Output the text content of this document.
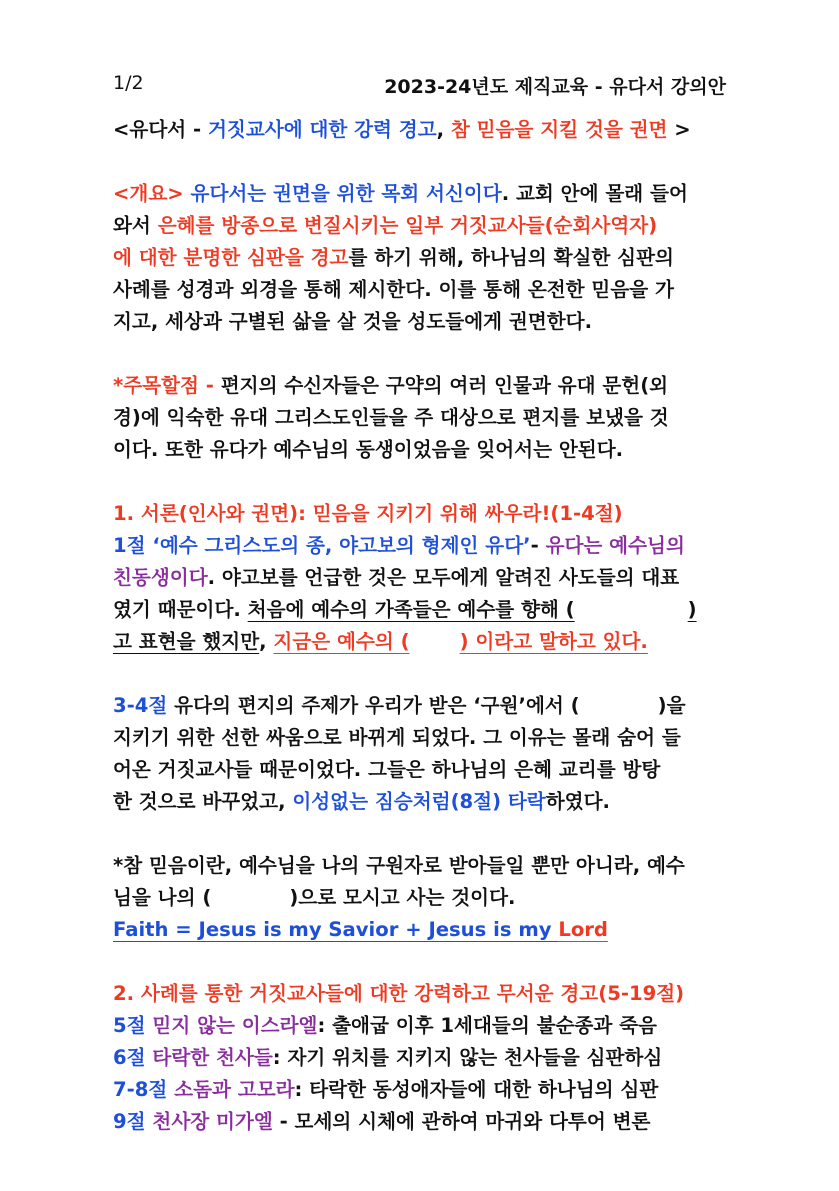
1/2	2023-24년도 제직교육 - 유다서 강의안
<유다서 - 거짓교사에 대한 강력 경고, 참 믿음을 지킬 것을 권면 >
<개요> 유다서는 권면을 위한 목회 서신이다. 교회 안에 몰래 들어
와서 은혜를 방종으로 변질시키는 일부 거짓교사들(순회사역자)
에 대한 분명한 심판을 경고를 하기 위해, 하나님의 확실한 심판의
사례를 성경과 외경을 통해 제시한다. 이를 통해 온전한 믿음을 가
지고, 세상과 구별된 삶을 살 것을 성도들에게 권면한다.
*주목할점 - 편지의 수신자들은 구약의 여러 인물과 유대 문헌(외
경)에 익숙한 유대 그리스도인들을 주 대상으로 편지를 보냈을 것
이다. 또한 유다가 예수님의 동생이었음을 잊어서는 안된다.
1. 서론(인사와 권면): 믿음을 지키기 위해 싸우라!(1-4절)
1절 ‘예수 그리스도의 종, 야고보의 형제인 유다’- 유다는 예수님의
친동생이다. 야고보를 언급한 것은 모두에게 알려진 사도들의 대표
였기 때문이다. 처음에 예수의 가족들은 예수를 향해 (	)
고 표현을 했지만, 지금은 예수의 (	) 이라고 말하고 있다.
3-4절 유다의 편지의 주제가 우리가 받은 ‘구원’에서 (	)을
지키기 위한 선한 싸움으로 바뀌게 되었다. 그 이유는 몰래 숨어 들
어온 거짓교사들 때문이었다. 그들은 하나님의 은혜 교리를 방탕
한 것으로 바꾸었고, 이성없는 짐승처럼(8절) 타락하였다.
*참 믿음이란, 예수님을 나의 구원자로 받아들일 뿐만 아니라, 예수
님을 나의 (	)으로 모시고 사는 것이다.
Faith = Jesus is my Savior + Jesus is my Lord
2. 사례를 통한 거짓교사들에 대한 강력하고 무서운 경고(5-19절)
5절 믿지 않는 이스라엘: 출애굽 이후 1세대들의 불순종과 죽음
6절 타락한 천사들: 자기 위치를 지키지 않는 천사들을 심판하심
7-8절 소돔과 고모라: 타락한 동성애자들에 대한 하나님의 심판
9절 천사장 미가엘 - 모세의 시체에 관하여 마귀와 다투어 변론
